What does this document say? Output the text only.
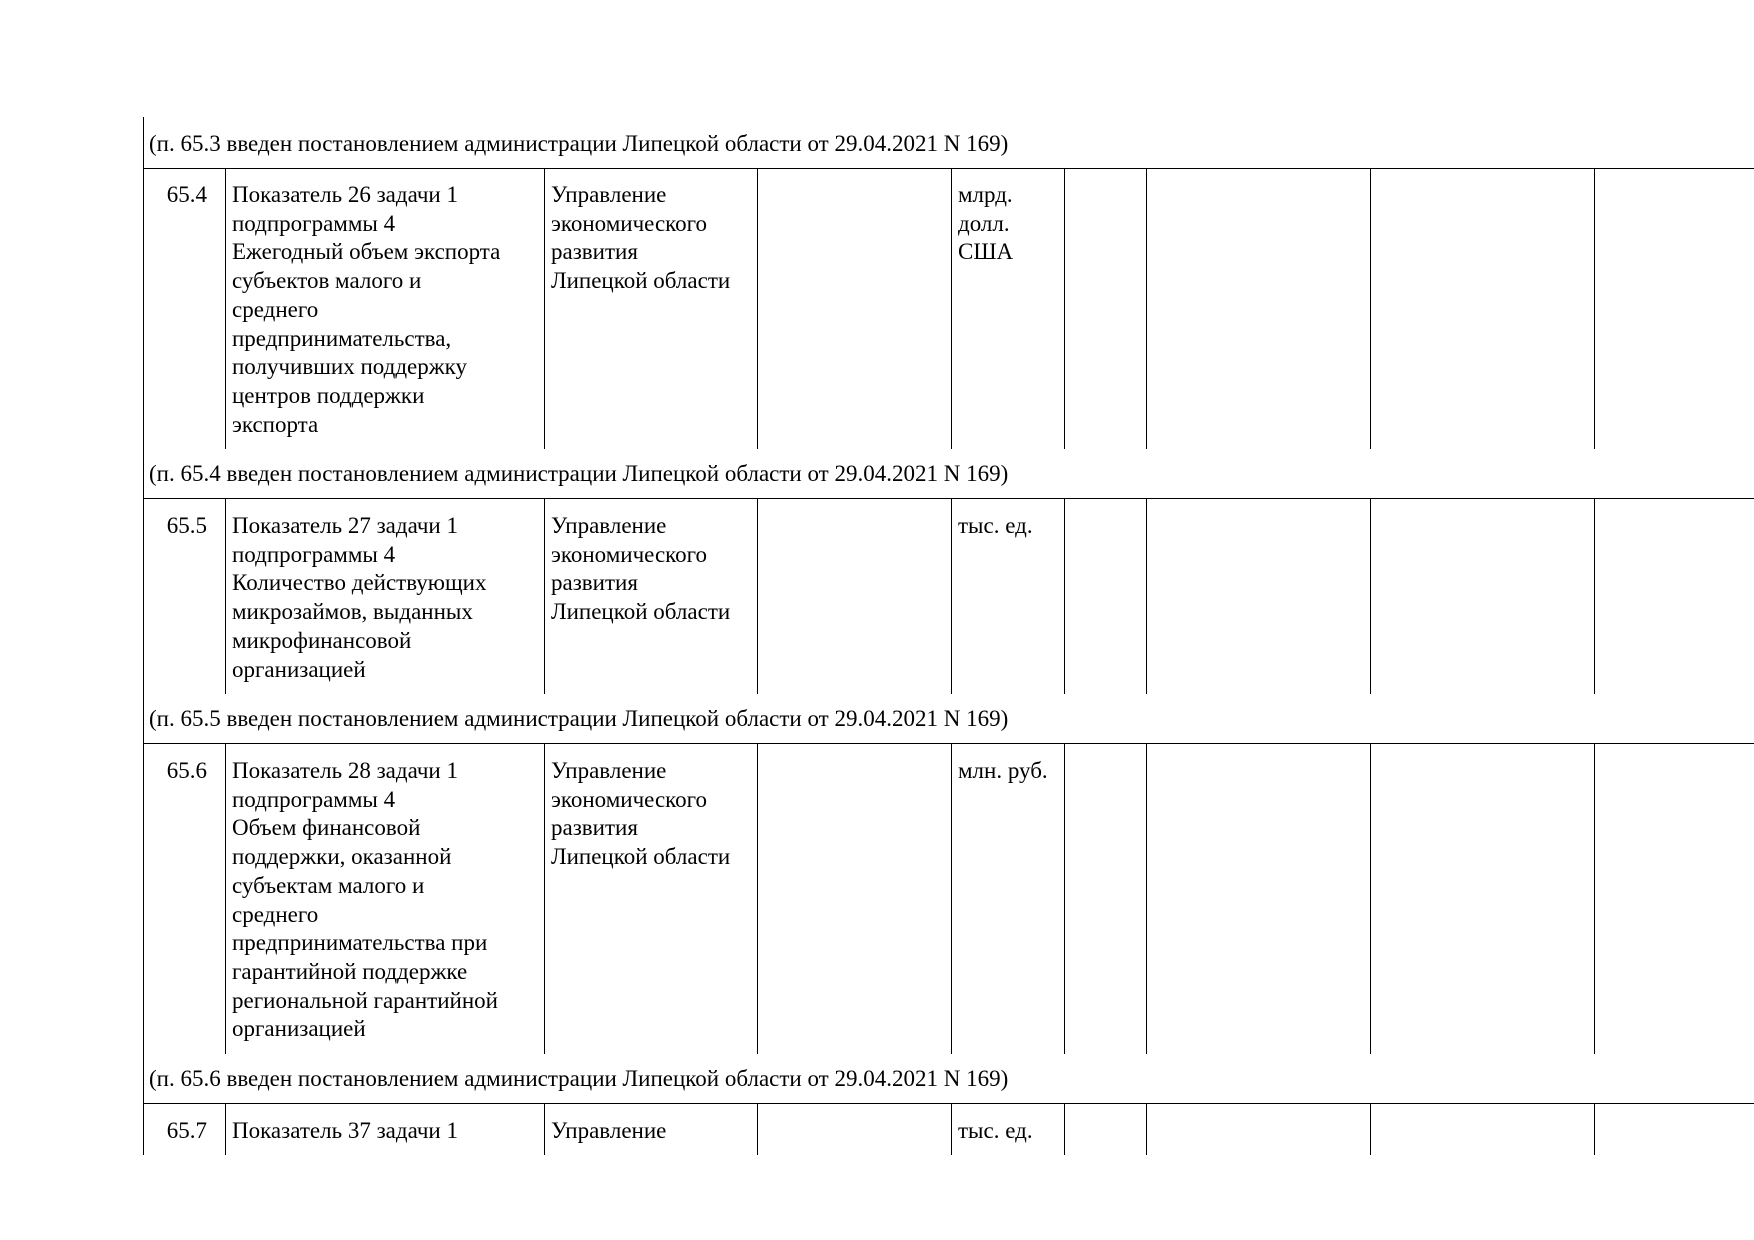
(п. 65.3 введен постановлением администрации Липецкой области от 29.04.2021 N 169)
65.4 Показатель 26 задачи 1
подпрограммы 4
Ежегодный объем экспорта
субъектов малого и
среднего
предпринимательства,
получивших поддержку
центров поддержки
экспорта
Управление
экономического
развития
Липецкой области
млрд.
долл.
США
(п. 65.4 введен постановлением администрации Липецкой области от 29.04.2021 N 169)
65.5 Показатель 27 задачи 1
подпрограммы 4
Количество действующих
микрозаймов, выданных
микрофинансовой
организацией
Управление
экономического
развития
Липецкой области
тыс. ед.
(п. 65.5 введен постановлением администрации Липецкой области от 29.04.2021 N 169)
65.6 Показатель 28 задачи 1
подпрограммы 4
Объем финансовой
поддержки, оказанной
субъектам малого и
среднего
предпринимательства при
гарантийной поддержке
региональной гарантийной
организацией
Управление
экономического
развития
Липецкой области
млн. руб.
(п. 65.6 введен постановлением администрации Липецкой области от 29.04.2021 N 169)
65.7 Показатель 37 задачи 1	Управление	тыс. ед.
